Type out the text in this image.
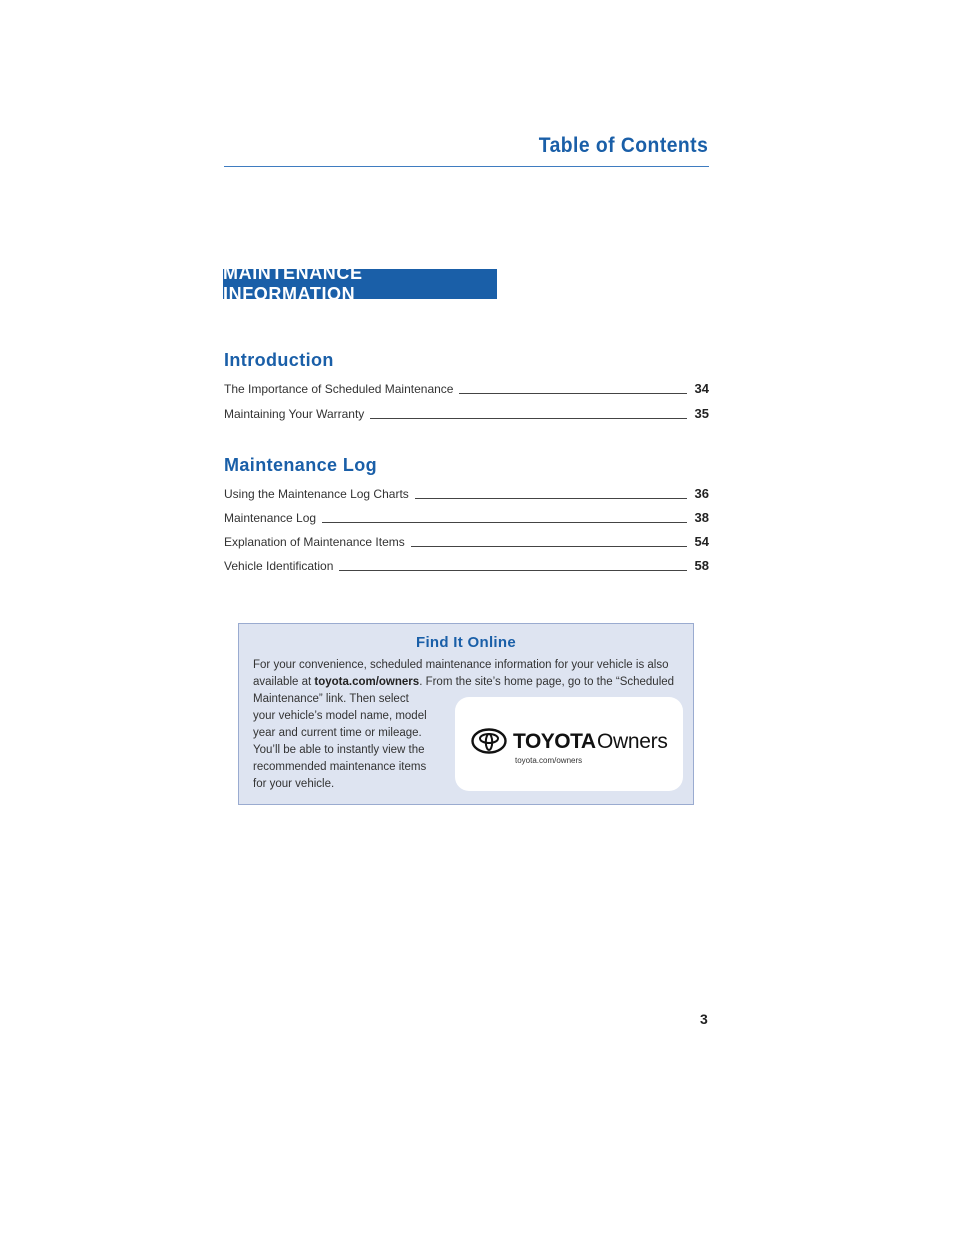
Table of Contents
MAINTENANCE INFORMATION
Introduction
The Importance of Scheduled Maintenance	34
Maintaining Your Warranty	35
Maintenance Log
Using the Maintenance Log Charts	36
Maintenance Log	38
Explanation of Maintenance Items	54
Vehicle Identification	58
Find It Online
For your convenience, scheduled maintenance information for your vehicle is also
available at toyota.com/owners. From the site’s home page, go to the “Scheduled
Maintenance” link. Then select
your vehicle’s model name, model
year and current time or mileage.
You’ll be able to instantly view the
recommended maintenance items
for your vehicle.
TOYOTA Owners
toyota.com/owners
3
